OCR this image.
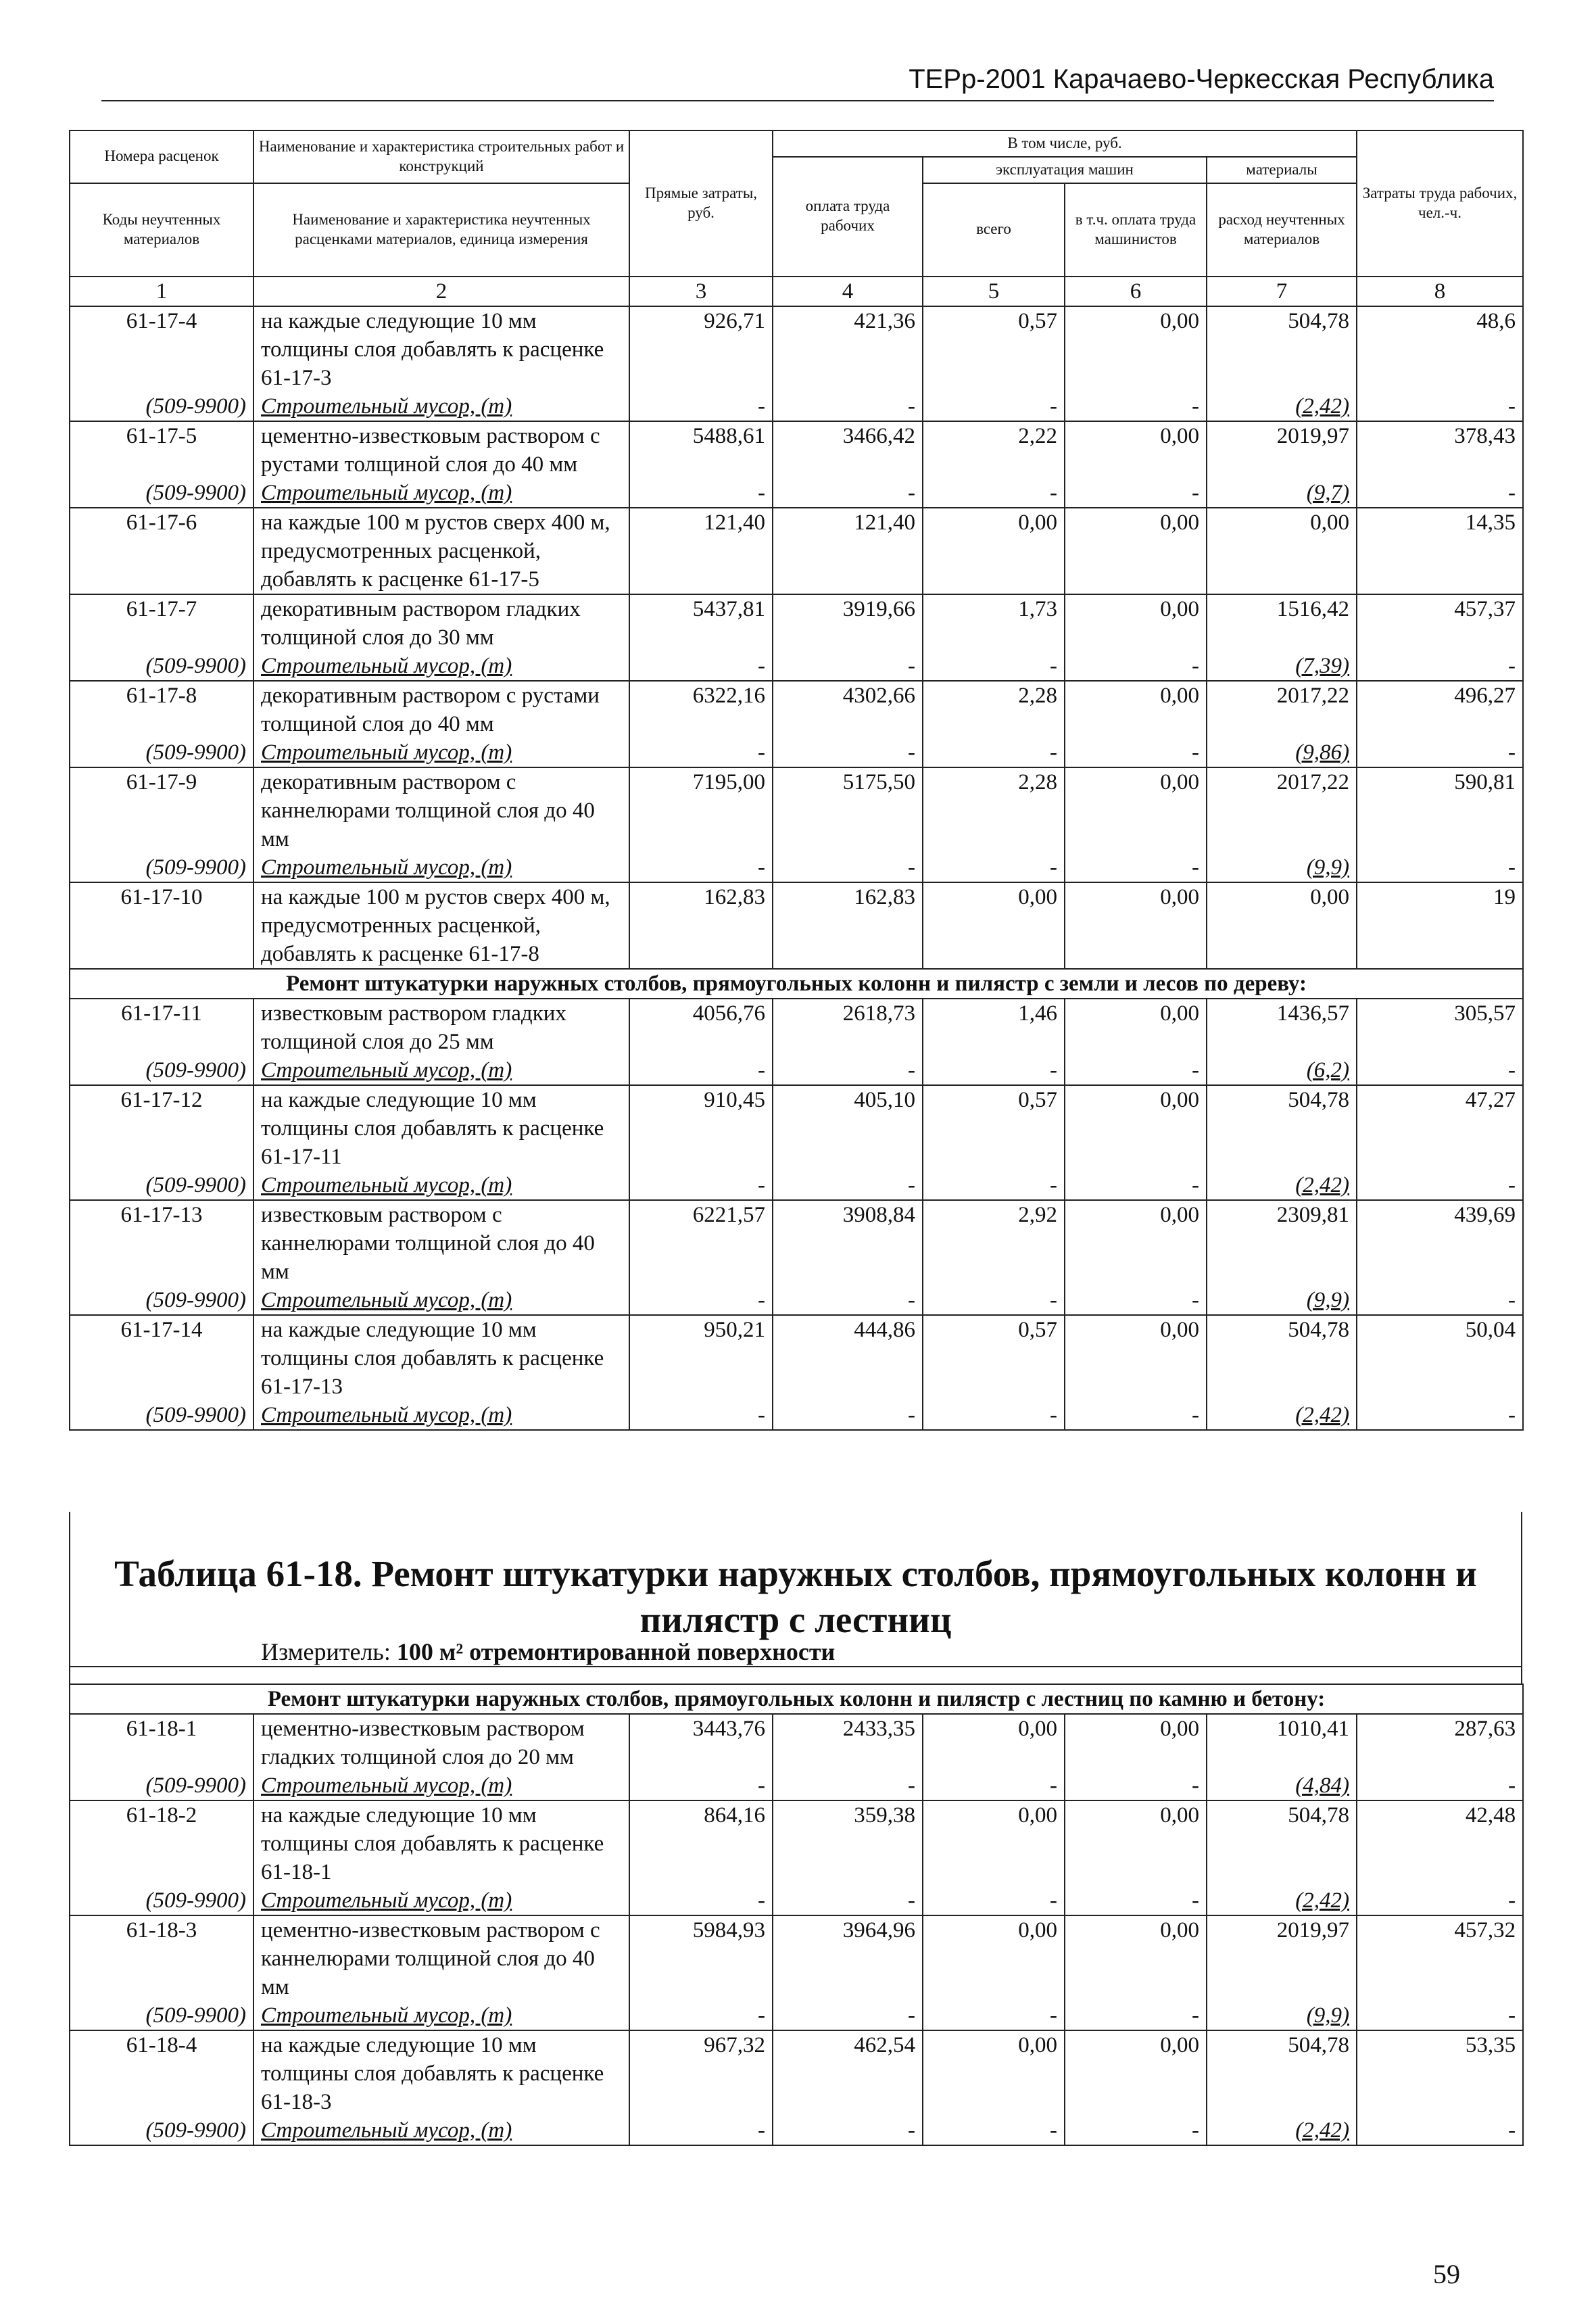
ТЕРр-2001 Карачаево-Черкесская Республика
Номера расценок	Наименование и характеристика строительных работ и конструкций	Прямые затраты, руб.	В том числе, руб.				Затраты труда рабочих, чел.-ч.
			оплата труда рабочих	эксплуатация машин		материалы	
Коды неучтенных материалов	Наименование и характеристика неучтенных расценками материалов, единица измерения			всего	в т.ч. оплата труда машинистов	расход неучтенных материалов	

1	2	3	4	5	6	7	8
61-17-4	на каждые следующие 10 мм толщины слоя добавлять к расценке 61-17-3	926,71	421,36	0,57	0,00	504,78	48,6
(509-9900)	Строительный мусор, (т)	-	-	-	-	(2,42)	-
61-17-5	цементно-известковым раствором с рустами толщиной слоя до 40 мм	5488,61	3466,42	2,22	0,00	2019,97	378,43
(509-9900)	Строительный мусор, (т)	-	-	-	-	(9,7)	-
61-17-6	на каждые 100 м рустов сверх 400 м, предусмотренных расценкой, добавлять к расценке 61-17-5	121,40	121,40	0,00	0,00	0,00	14,35
61-17-7	декоративным раствором гладких толщиной слоя до 30 мм	5437,81	3919,66	1,73	0,00	1516,42	457,37
(509-9900)	Строительный мусор, (т)	-	-	-	-	(7,39)	-
61-17-8	декоративным раствором с рустами толщиной слоя до 40 мм	6322,16	4302,66	2,28	0,00	2017,22	496,27
(509-9900)	Строительный мусор, (т)	-	-	-	-	(9,86)	-
61-17-9	декоративным раствором с каннелюрами толщиной слоя до 40 мм	7195,00	5175,50	2,28	0,00	2017,22	590,81
(509-9900)	Строительный мусор, (т)	-	-	-	-	(9,9)	-
61-17-10	на каждые 100 м рустов сверх 400 м, предусмотренных расценкой, добавлять к расценке 61-17-8	162,83	162,83	0,00	0,00	0,00	19
Ремонт штукатурки наружных столбов, прямоугольных колонн и пилястр с земли и лесов по дереву:							
61-17-11	известковым раствором гладких толщиной слоя до 25 мм	4056,76	2618,73	1,46	0,00	1436,57	305,57
(509-9900)	Строительный мусор, (т)	-	-	-	-	(6,2)	-
61-17-12	на каждые следующие 10 мм толщины слоя добавлять к расценке 61-17-11	910,45	405,10	0,57	0,00	504,78	47,27
(509-9900)	Строительный мусор, (т)	-	-	-	-	(2,42)	-
61-17-13	известковым раствором с каннелюрами толщиной слоя до 40 мм	6221,57	3908,84	2,92	0,00	2309,81	439,69
(509-9900)	Строительный мусор, (т)	-	-	-	-	(9,9)	-
61-17-14	на каждые следующие 10 мм толщины слоя добавлять к расценке 61-17-13	950,21	444,86	0,57	0,00	504,78	50,04
(509-9900)	Строительный мусор, (т)	-	-	-	-	(2,42)	-
Таблица 61-18. Ремонт штукатурки наружных столбов, прямоугольных колонн и пилястр с лестниц
Измеритель: 100 м² отремонтированной поверхности
Ремонт штукатурки наружных столбов, прямоугольных колонн и пилястр с лестниц по камню и бетону:							
61-18-1	цементно-известковым раствором гладких толщиной слоя до 20 мм	3443,76	2433,35	0,00	0,00	1010,41	287,63
(509-9900)	Строительный мусор, (т)	-	-	-	-	(4,84)	-
61-18-2	на каждые следующие 10 мм толщины слоя добавлять к расценке 61-18-1	864,16	359,38	0,00	0,00	504,78	42,48
(509-9900)	Строительный мусор, (т)	-	-	-	-	(2,42)	-
61-18-3	цементно-известковым раствором с каннелюрами толщиной слоя до 40 мм	5984,93	3964,96	0,00	0,00	2019,97	457,32
(509-9900)	Строительный мусор, (т)	-	-	-	-	(9,9)	-
61-18-4	на каждые следующие 10 мм толщины слоя добавлять к расценке 61-18-3	967,32	462,54	0,00	0,00	504,78	53,35
(509-9900)	Строительный мусор, (т)	-	-	-	-	(2,42)	-
59
